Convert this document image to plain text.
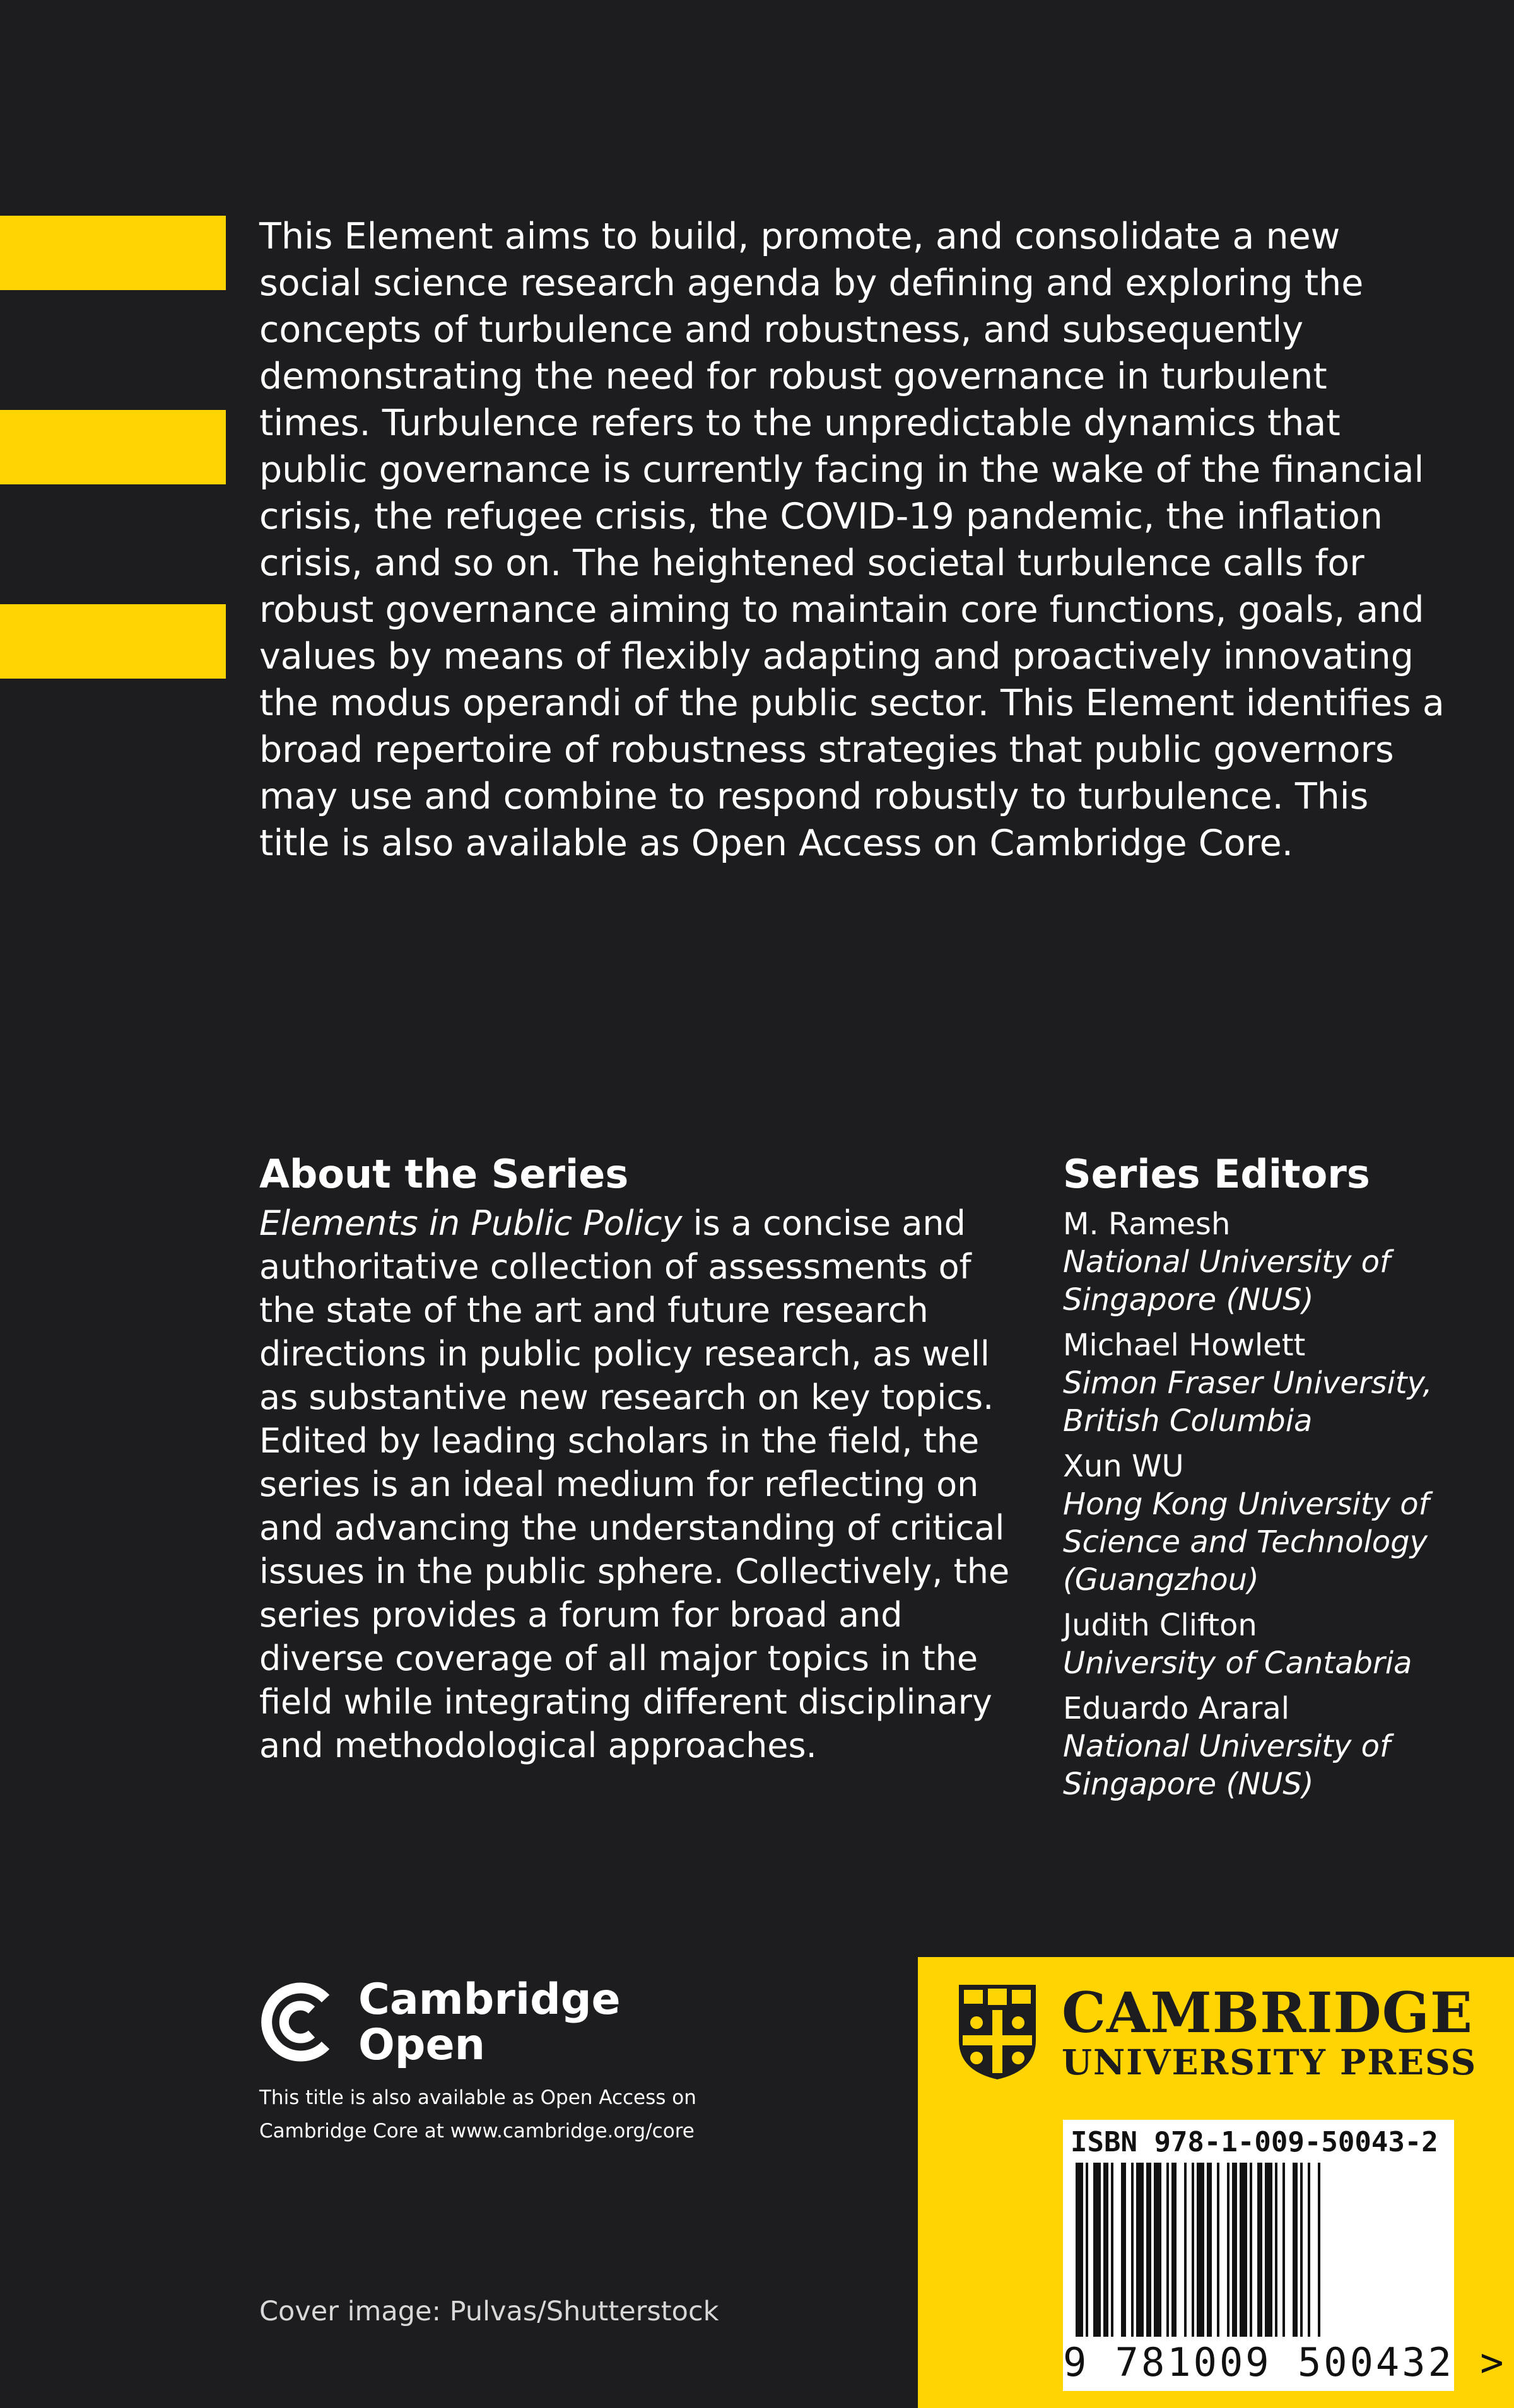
This Element aims to build, promote, and consolidate a new social science research agenda by defining and exploring the concepts of turbulence and robustness, and subsequently demonstrating the need for robust governance in turbulent times. Turbulence refers to the unpredictable dynamics that public governance is currently facing in the wake of the financial crisis, the refugee crisis, the COVID-19 pandemic, the inflation crisis, and so on. The heightened societal turbulence calls for robust governance aiming to maintain core functions, goals, and values by means of flexibly adapting and proactively innovating the modus operandi of the public sector. This Element identifies a broad repertoire of robustness strategies that public governors may use and combine to respond robustly to turbulence. This title is also available as Open Access on Cambridge Core.

About the Series

Elements in Public Policy is a concise and authoritative collection of assessments of the state of the art and future research directions in public policy research, as well as substantive new research on key topics. Edited by leading scholars in the field, the series is an ideal medium for reflecting on and advancing the understanding of critical issues in the public sphere. Collectively, the series provides a forum for broad and diverse coverage of all major topics in the field while integrating different disciplinary and methodological approaches.

Series Editors
M. Ramesh
National University of
Singapore (NUS)
Michael Howlett
Simon Fraser University,
British Columbia
Xun WU
Hong Kong University of
Science and Technology
(Guangzhou)
Judith Clifton
University of Cantabria
Eduardo Araral
National University of
Singapore (NUS)
Cambridge
Open
This title is also available as Open Access on
Cambridge Core at www.cambridge.org/core
Cover image: Pulvas/Shutterstock
CAMBRIDGE
UNIVERSITY PRESS
ISBN 978-1-009-50043-2
9 781009 500432 >
